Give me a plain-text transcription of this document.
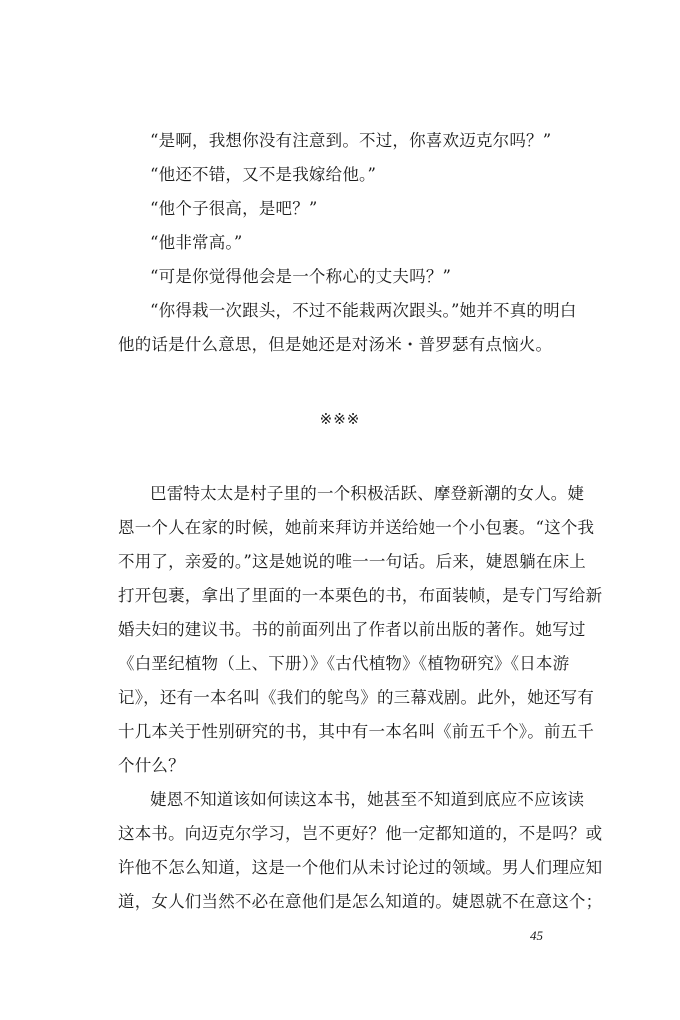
“是啊，我想你没有注意到。不过，你喜欢迈克尔吗？”
“他还不错，又不是我嫁给他。”
“他个子很高，是吧？”
“他非常高。”
“可是你觉得他会是一个称心的丈夫吗？”
“你得栽一次跟头，不过不能栽两次跟头。”她并不真的明白
他的话是什么意思，但是她还是对汤米・普罗瑟有点恼火。
※※※
巴雷特太太是村子里的一个积极活跃、摩登新潮的女人。婕
恩一个人在家的时候，她前来拜访并送给她一个小包裹。“这个我
不用了，亲爱的。”这是她说的唯一一句话。后来，婕恩躺在床上
打开包裹，拿出了里面的一本栗色的书，布面装帧，是专门写给新
婚夫妇的建议书。书的前面列出了作者以前出版的著作。她写过
《白垩纪植物（上、下册）》《古代植物》《植物研究》《日本游
记》，还有一本名叫《我们的鸵鸟》的三幕戏剧。此外，她还写有
十几本关于性别研究的书，其中有一本名叫《前五千个》。前五千
个什么？
婕恩不知道该如何读这本书，她甚至不知道到底应不应该读
这本书。向迈克尔学习，岂不更好？他一定都知道的，不是吗？或
许他不怎么知道，这是一个他们从未讨论过的领域。男人们理应知
道，女人们当然不必在意他们是怎么知道的。婕恩就不在意这个；
45
